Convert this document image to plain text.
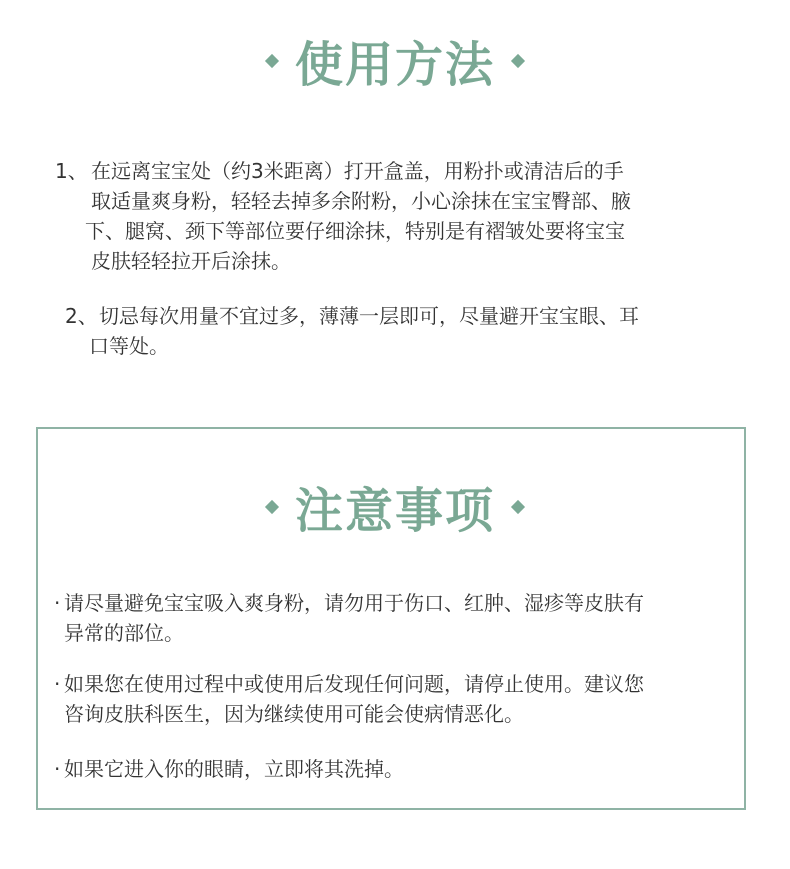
使用方法
1、 在远离宝宝处（约3米距离）打开盒盖，用粉扑或清洁后的手
取适量爽身粉，轻轻去掉多余附粉，小心涂抹在宝宝臀部、腋
下、腿窝、颈下等部位要仔细涂抹，特别是有褶皱处要将宝宝
皮肤轻轻拉开后涂抹。
2、 切忌每次用量不宜过多，薄薄一层即可，尽量避开宝宝眼、耳
口等处。
注意事项
· 请尽量避免宝宝吸入爽身粉，请勿用于伤口、红肿、湿疹等皮肤有
异常的部位。
· 如果您在使用过程中或使用后发现任何问题，请停止使用。建议您
咨询皮肤科医生，因为继续使用可能会使病情恶化。
· 如果它进入你的眼睛，立即将其洗掉。
